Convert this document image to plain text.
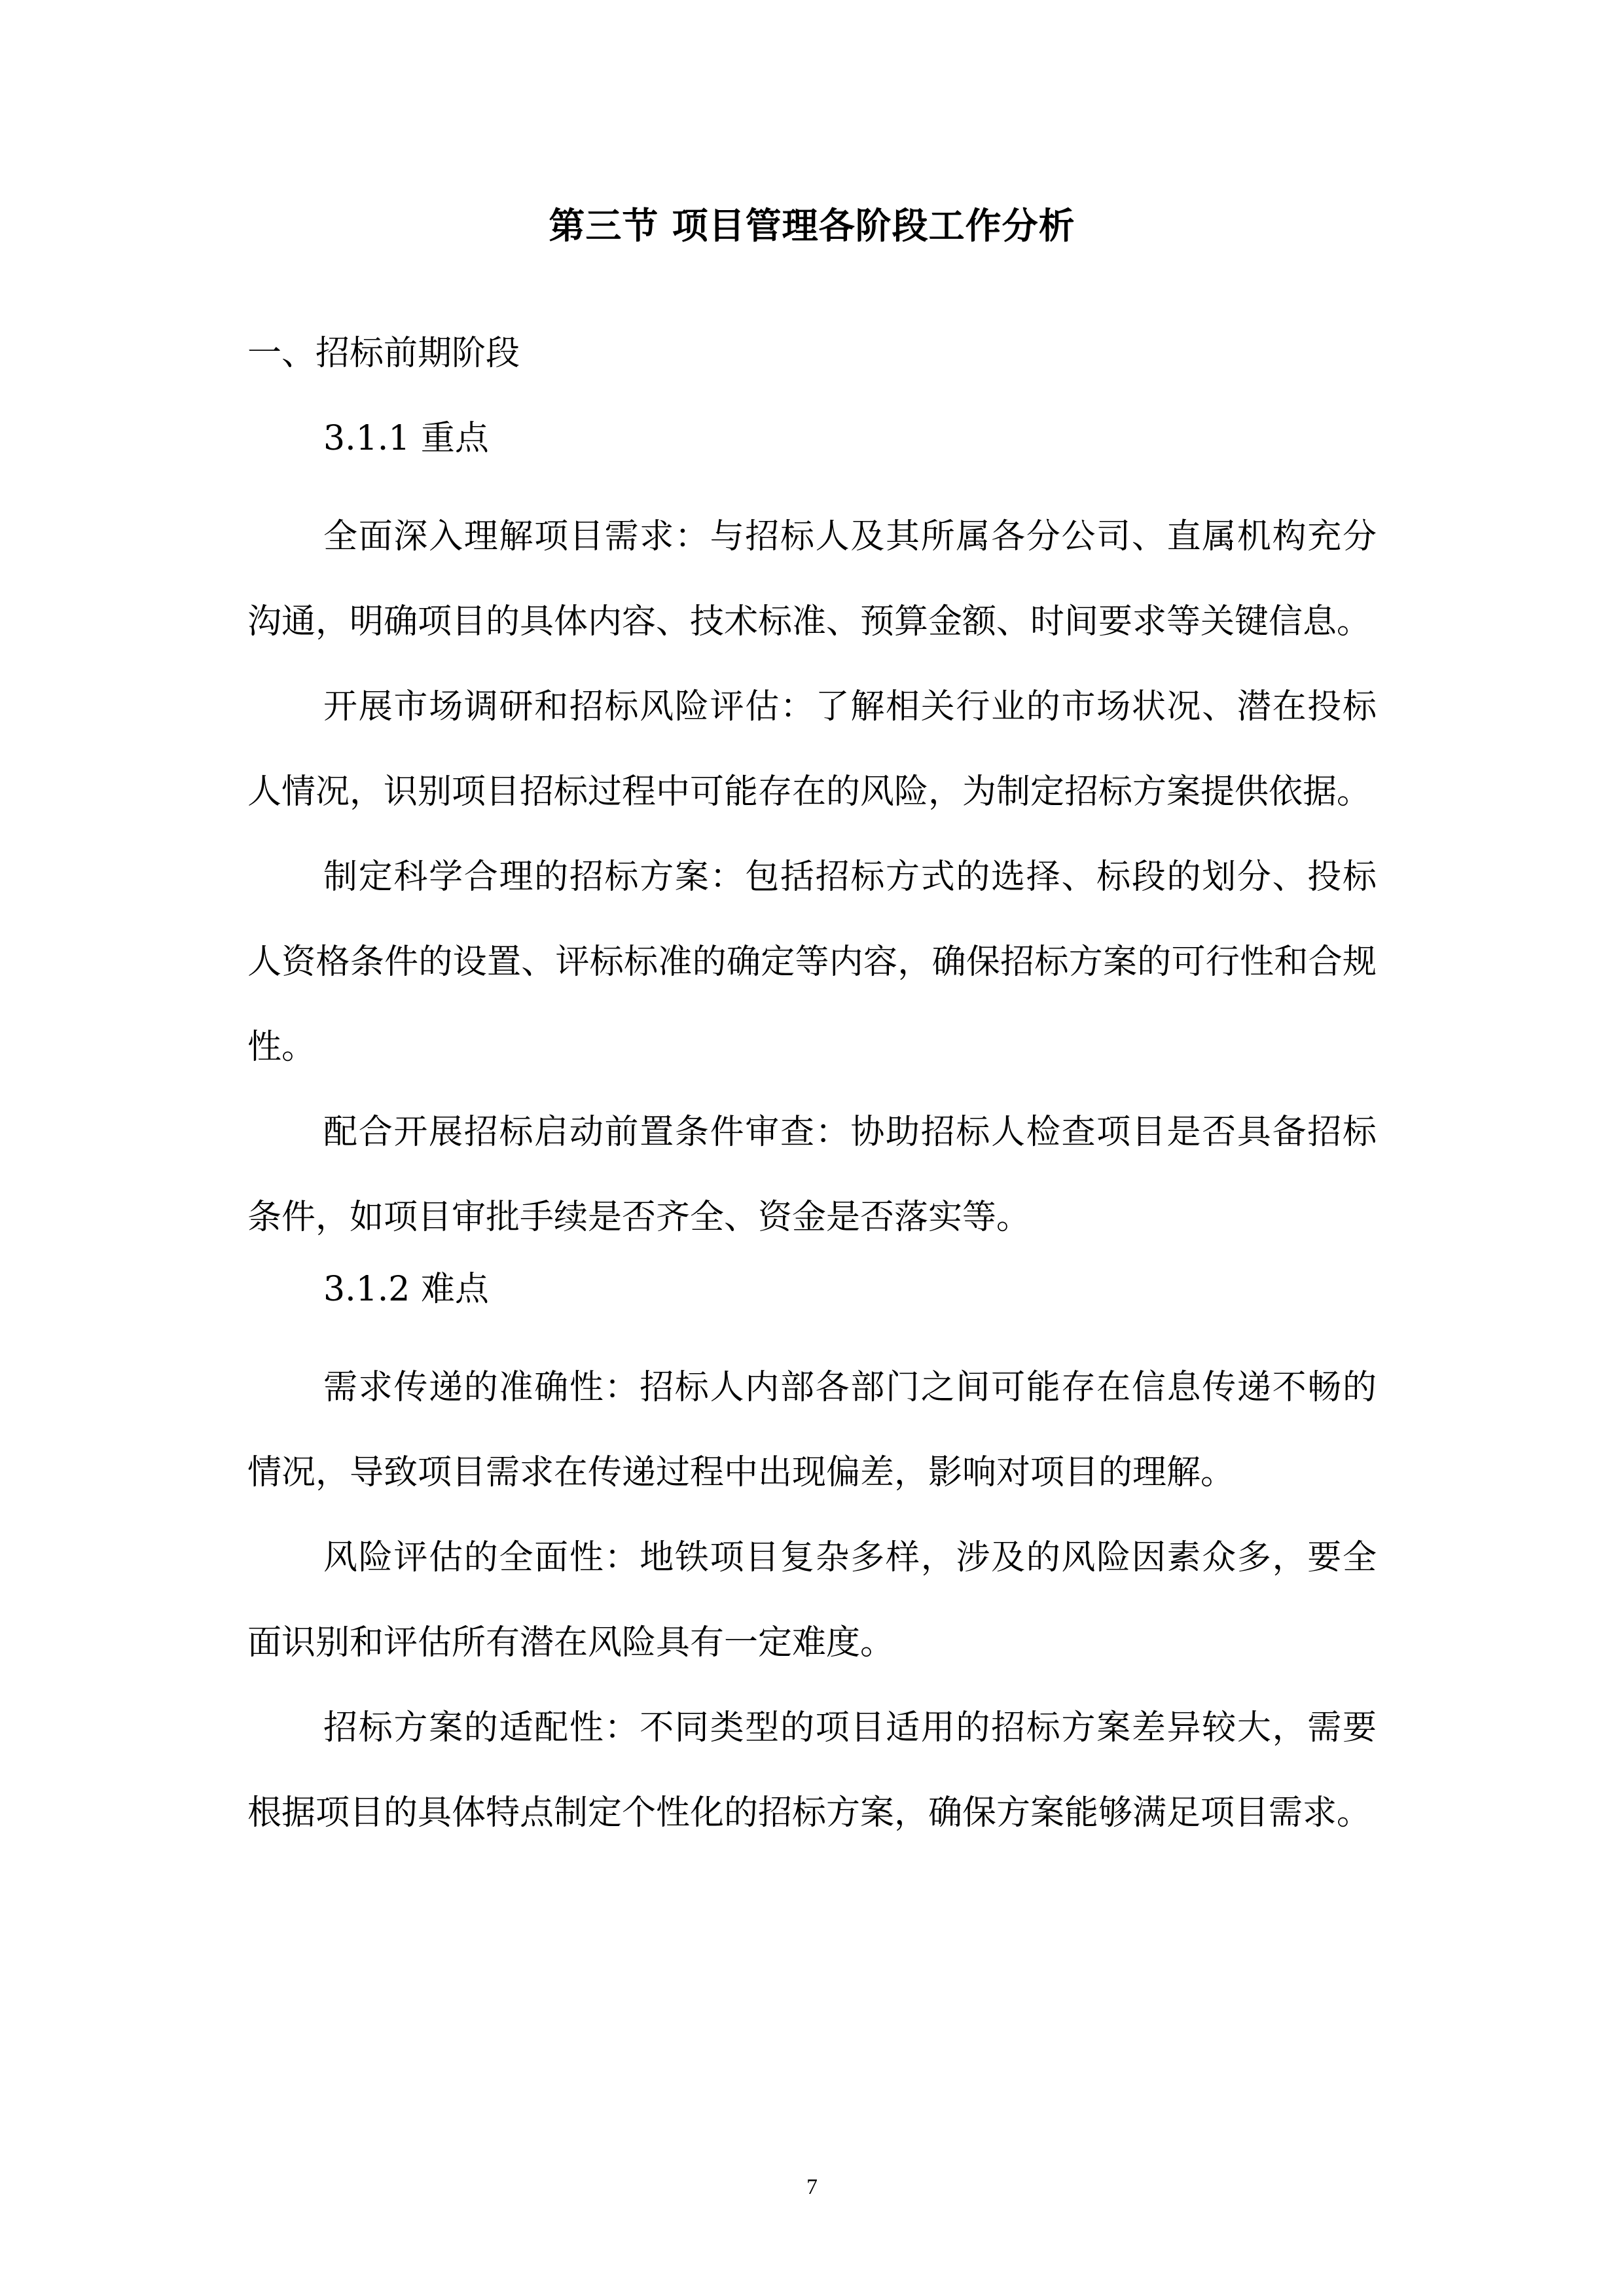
第三节 项目管理各阶段工作分析
一、招标前期阶段
3.1.1 重点

全面深入理解项目需求：与招标人及其所属各分公司、直属机构充分沟通，明确项目的具体内容、技术标准、预算金额、时间要求等关键信息。

开展市场调研和招标风险评估：了解相关行业的市场状况、潜在投标人情况，识别项目招标过程中可能存在的风险，为制定招标方案提供依据。

制定科学合理的招标方案：包括招标方式的选择、标段的划分、投标人资格条件的设置、评标标准的确定等内容，确保招标方案的可行性和合规性。

配合开展招标启动前置条件审查：协助招标人检查项目是否具备招标条件，如项目审批手续是否齐全、资金是否落实等。

3.1.2 难点

需求传递的准确性：招标人内部各部门之间可能存在信息传递不畅的情况，导致项目需求在传递过程中出现偏差，影响对项目的理解。

风险评估的全面性：地铁项目复杂多样，涉及的风险因素众多，要全面识别和评估所有潜在风险具有一定难度。

招标方案的适配性：不同类型的项目适用的招标方案差异较大，需要根据项目的具体特点制定个性化的招标方案，确保方案能够满足项目需求。

7
